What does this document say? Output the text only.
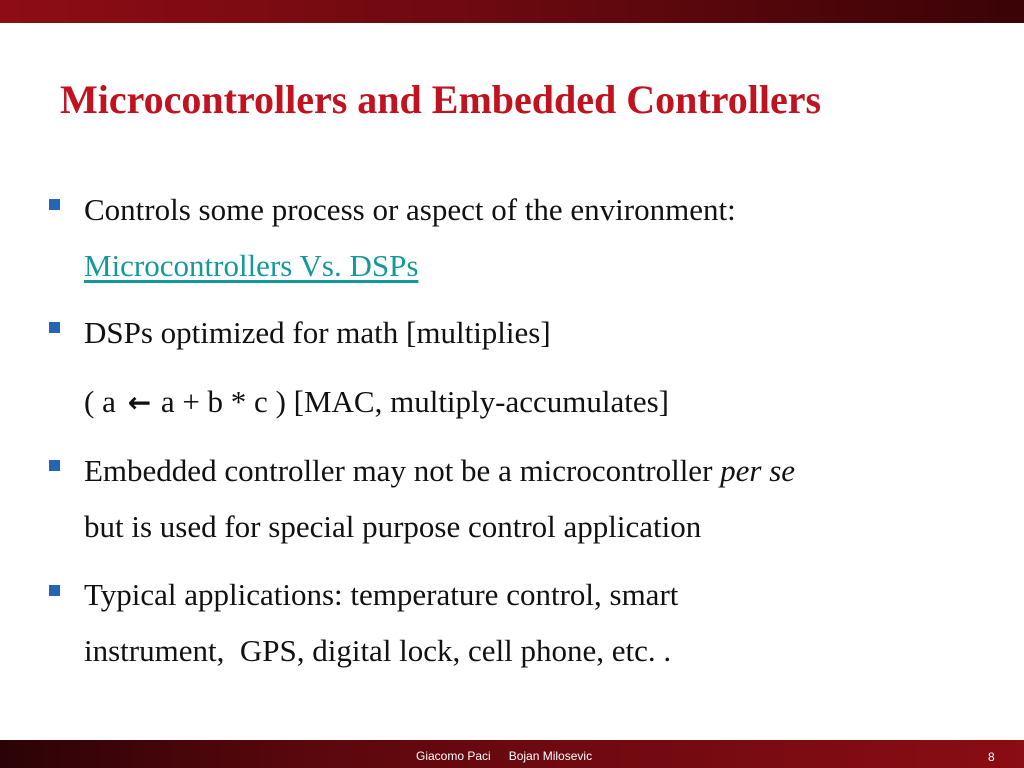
Microcontrollers and Embedded Controllers

Controls some process or aspect of the environment:

Microcontrollers Vs. DSPs

DSPs optimized for math [multiplies]

( a ← a + b * c ) [MAC, multiply-accumulates]

Embedded controller may not be a microcontroller per se

but is used for special purpose control application

Typical applications: temperature control, smart

instrument,  GPS, digital lock, cell phone, etc. .

Giacomo Paci Bojan Milosevic	8
